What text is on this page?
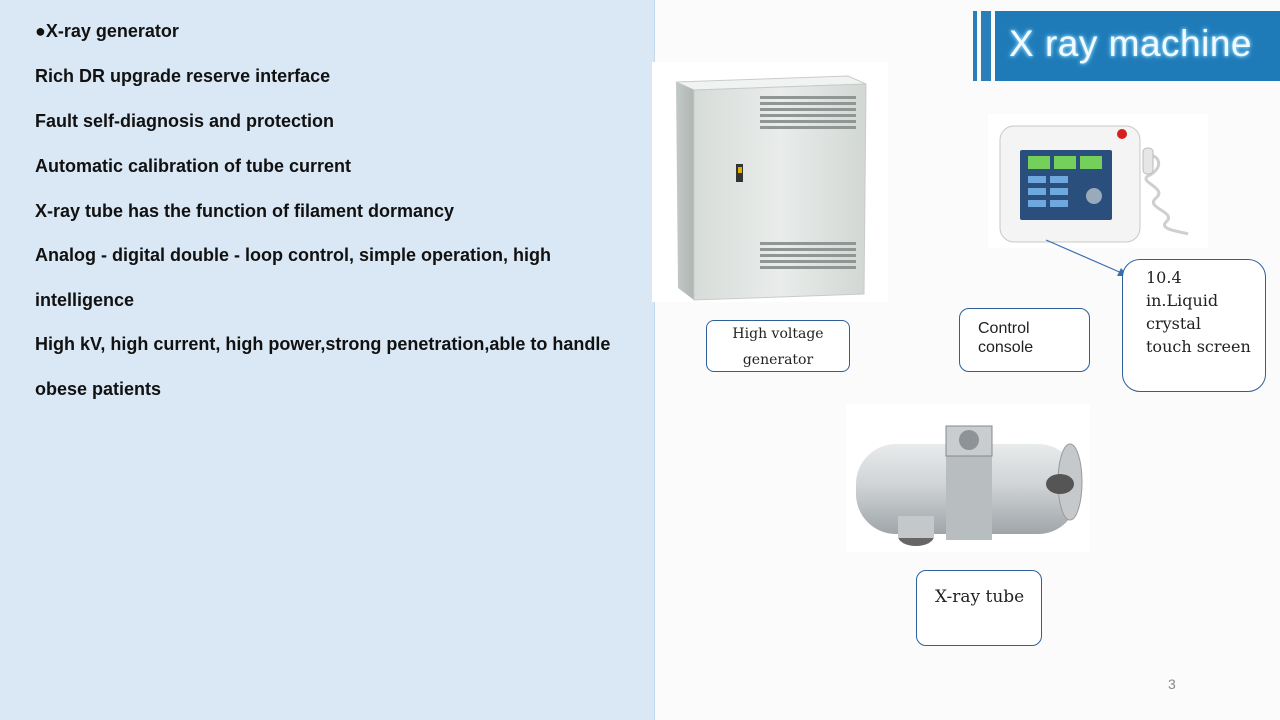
●X-ray generator
Rich DR upgrade reserve interface
Fault self-diagnosis and protection
Automatic calibration of tube current
X-ray tube has the function of filament dormancy
Analog - digital double - loop control, simple operation, high intelligence
High kV, high current, high power,strong penetration,able to handle obese patients
X ray machine
High voltage generator
Control console
10.4
in.Liquid
crystal
touch screen
X-ray tube
3
